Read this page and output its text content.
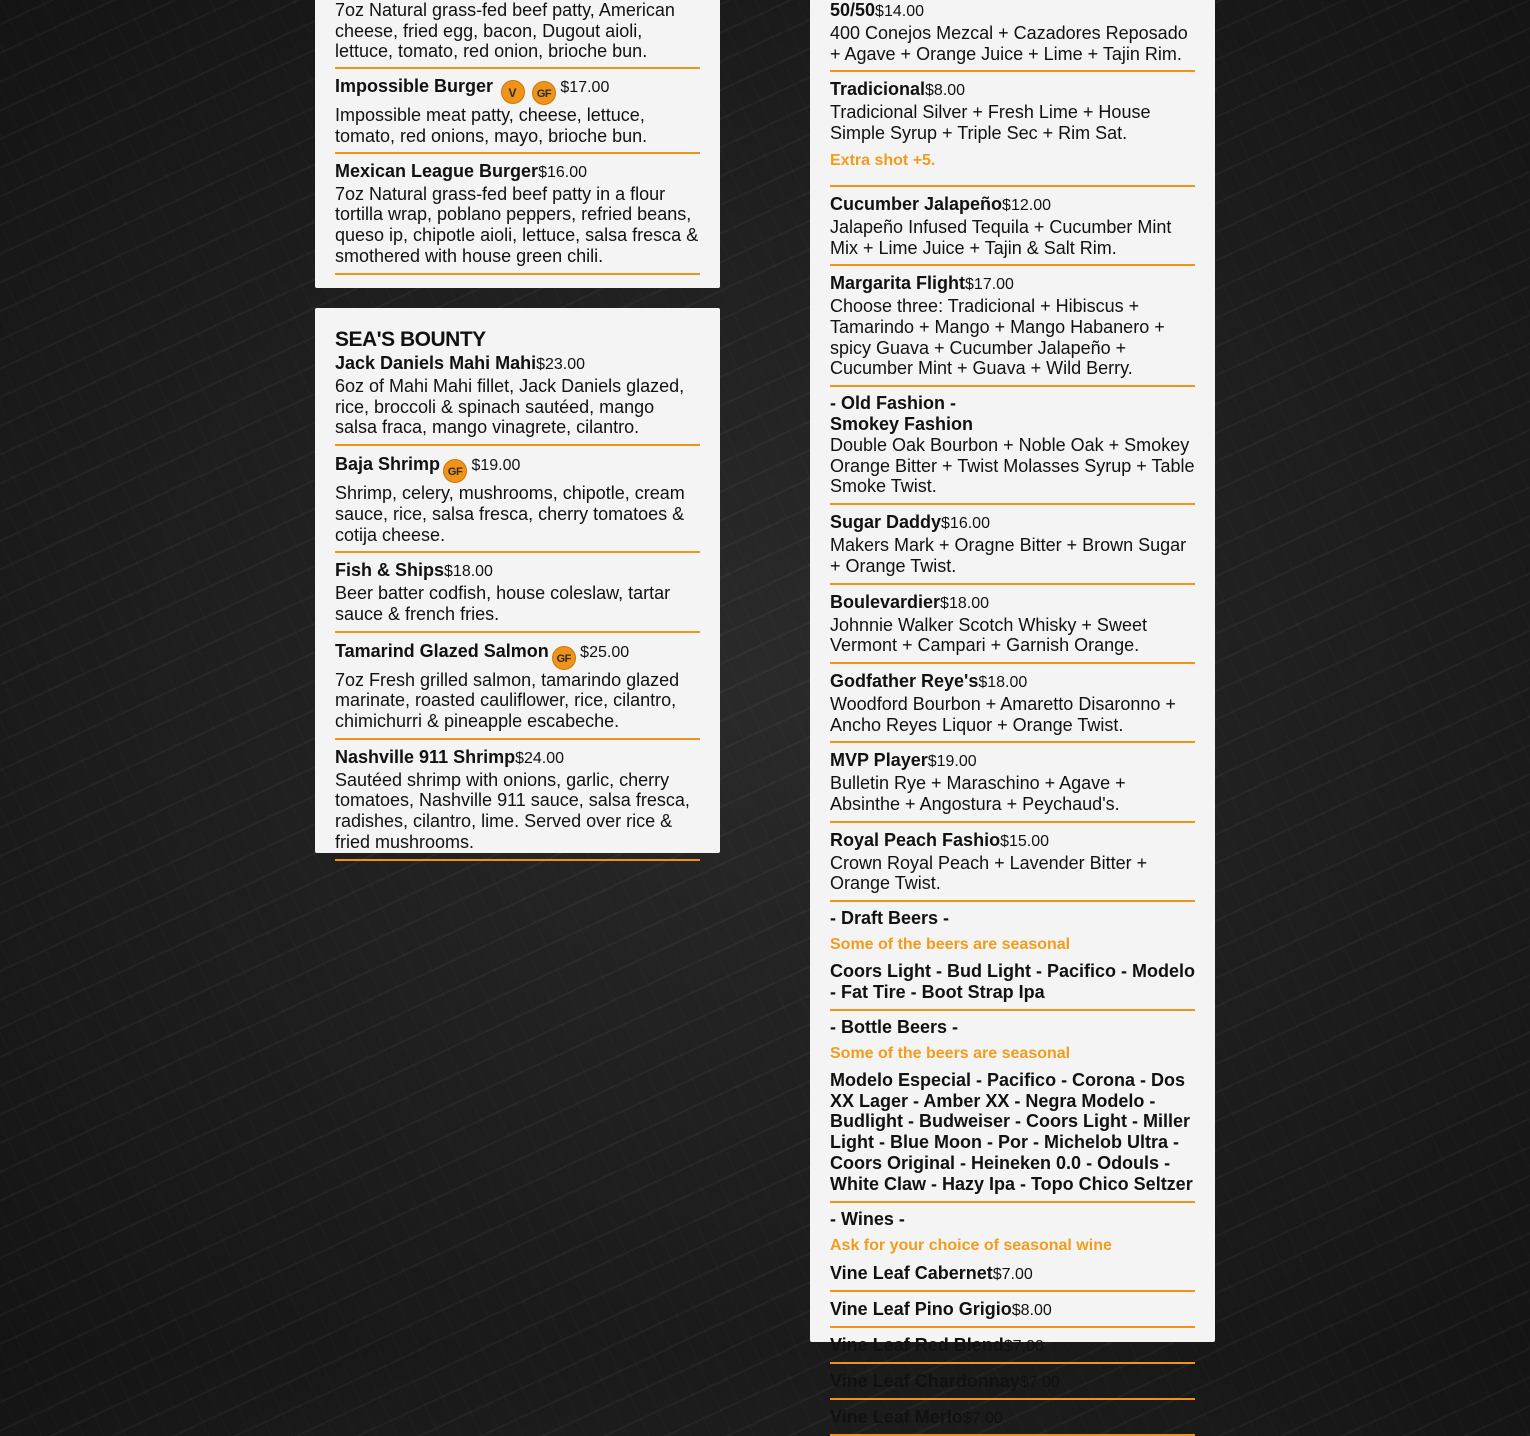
7oz Natural grass-fed beef patty, American cheese, fried egg, bacon, Dugout aioli, lettuce, tomato, red onion, brioche bun.
Impossible Burger V GF $17.00
Impossible meat patty, cheese, lettuce, tomato, red onions, mayo, brioche bun.
Mexican League Burger$16.00
7oz Natural grass-fed beef patty in a flour tortilla wrap, poblano peppers, refried beans, queso ip, chipotle aioli, lettuce, salsa fresca & smothered with house green chili.
SEA'S BOUNTY
Jack Daniels Mahi Mahi$23.00
6oz of Mahi Mahi fillet, Jack Daniels glazed, rice, broccoli & spinach sautéed, mango salsa fraca, mango vinagrete, cilantro.
Baja Shrimp GF $19.00
Shrimp, celery, mushrooms, chipotle, cream sauce, rice, salsa fresca, cherry tomatoes & cotija cheese.
Fish & Ships$18.00
Beer batter codfish, house coleslaw, tartar sauce & french fries.
Tamarind Glazed Salmon GF $25.00
7oz Fresh grilled salmon, tamarindo glazed marinate, roasted cauliflower, rice, cilantro, chimichurri & pineapple escabeche.
Nashville 911 Shrimp$24.00
Sautéed shrimp with onions, garlic, cherry tomatoes, Nashville 911 sauce, salsa fresca, radishes, cilantro, lime. Served over rice & fried mushrooms.
50/50$14.00
400 Conejos Mezcal + Cazadores Reposado + Agave + Orange Juice + Lime + Tajin Rim.
Tradicional$8.00
Tradicional Silver + Fresh Lime + House Simple Syrup + Triple Sec + Rim Sat.
Extra shot +5.
Cucumber Jalapeño$12.00
Jalapeño Infused Tequila + Cucumber Mint Mix + Lime Juice + Tajin & Salt Rim.
Margarita Flight$17.00
Choose three: Tradicional + Hibiscus + Tamarindo + Mango + Mango Habanero + spicy Guava + Cucumber Jalapeño + Cucumber Mint + Guava + Wild Berry.
- Old Fashion -
Smokey Fashion
Double Oak Bourbon + Noble Oak + Smokey Orange Bitter + Twist Molasses Syrup + Table Smoke Twist.
Sugar Daddy$16.00
Makers Mark + Oragne Bitter + Brown Sugar + Orange Twist.
Boulevardier$18.00
Johnnie Walker Scotch Whisky + Sweet Vermont + Campari + Garnish Orange.
Godfather Reye's$18.00
Woodford Bourbon + Amaretto Disaronno + Ancho Reyes Liquor + Orange Twist.
MVP Player$19.00
Bulletin Rye + Maraschino + Agave + Absinthe + Angostura + Peychaud's.
Royal Peach Fashio$15.00
Crown Royal Peach + Lavender Bitter + Orange Twist.
- Draft Beers -
Some of the beers are seasonal
Coors Light - Bud Light - Pacifico - Modelo - Fat Tire - Boot Strap Ipa
- Bottle Beers -
Some of the beers are seasonal
Modelo Especial - Pacifico - Corona - Dos XX Lager - Amber XX - Negra Modelo - Budlight - Budweiser - Coors Light - Miller Light - Blue Moon - Por - Michelob Ultra - Coors Original - Heineken 0.0 - Odouls - White Claw - Hazy Ipa - Topo Chico Seltzer
- Wines -
Ask for your choice of seasonal wine
Vine Leaf Cabernet$7.00
Vine Leaf Pino Grigio$8.00
Vine Leaf Red Blend$7.00
Vine Leaf Chardonnay$7.00
Vine Leaf Merlo$7.00
